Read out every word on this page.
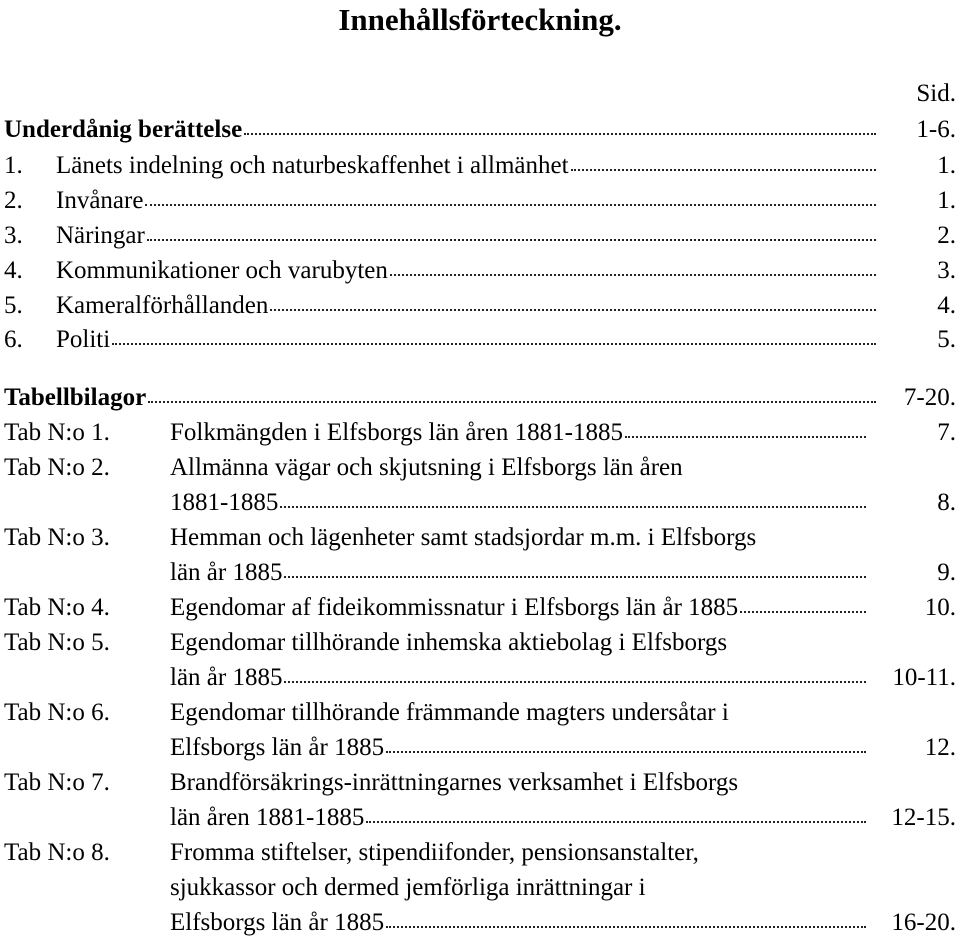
Innehållsförteckning.
Sid.
Underdånig berättelse	1-6.
1.	Länets indelning och naturbeskaffenhet i allmänhet	1.
2.	Invånare	1.
3.	Näringar	2.
4.	Kommunikationer och varubyten	3.
5.	Kameralförhållanden	4.
6.	Politi	5.
Tabellbilagor	7-20.
Tab N:o 1. Folkmängden i Elfsborgs län åren 1881-1885	7.
Tab N:o 2. Allmänna vägar och skjutsning i Elfsborgs län åren
1881-1885	8.
Tab N:o 3. Hemman och lägenheter samt stadsjordar m.m. i Elfsborgs
län år 1885	9.
Tab N:o 4. Egendomar af fideikommissnatur i Elfsborgs län år 1885	10.
Tab N:o 5. Egendomar tillhörande inhemska aktiebolag i Elfsborgs
län år 1885	10-11.
Tab N:o 6. Egendomar tillhörande främmande magters undersåtar i
Elfsborgs län år 1885	12.
Tab N:o 7. Brandförsäkrings-inrättningarnes verksamhet i Elfsborgs
län åren 1881-1885	12-15.
Tab N:o 8. Fromma stiftelser, stipendiifonder, pensionsanstalter,
sjukkassor och dermed jemförliga inrättningar i
Elfsborgs län år 1885	16-20.
